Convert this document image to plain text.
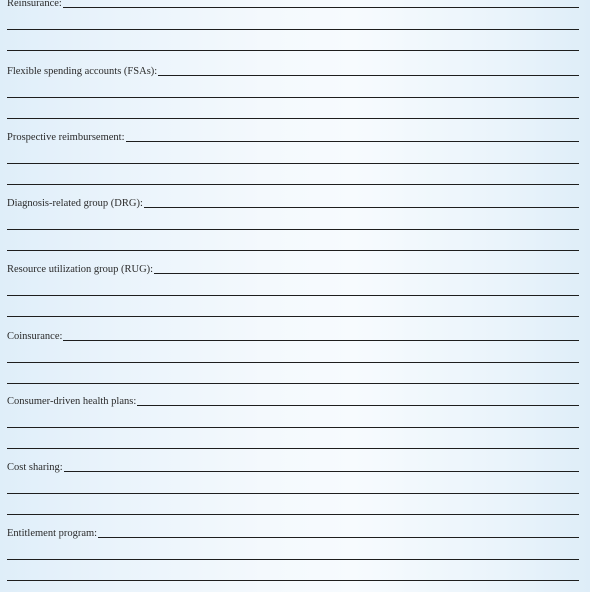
Reinsurance:
Flexible spending accounts (FSAs):
Prospective reimbursement:
Diagnosis-related group (DRG):
Resource utilization group (RUG):
Coinsurance:
Consumer-driven health plans:
Cost sharing:
Entitlement program:
